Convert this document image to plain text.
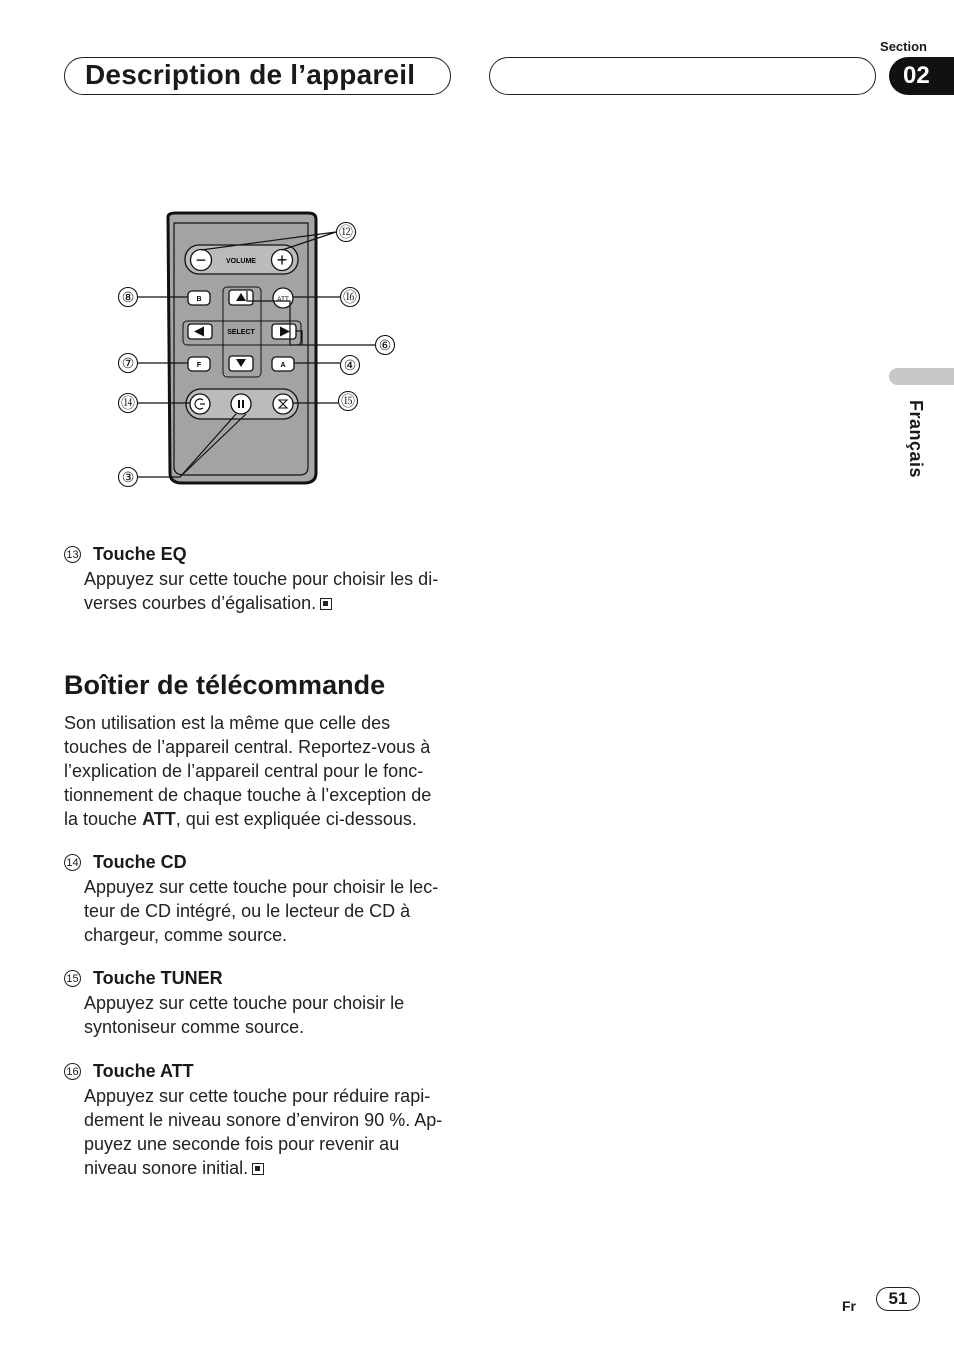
Description de l’appareil
Section
02
Français
−	+
VOLUME
B	ATT
SELECT
F	A
⑫
⑧	⑯
⑥
⑦	④
⑭	⑮
③
13 Touche EQ
Appuyez sur cette touche pour choisir les di-
verses courbes d’égalisation.
Boîtier de télécommande
Son utilisation est la même que celle des
touches de l’appareil central. Reportez-vous à
l’explication de l’appareil central pour le fonc-
tionnement de chaque touche à l’exception de
la touche ATT, qui est expliquée ci-dessous.
14 Touche CD
Appuyez sur cette touche pour choisir le lec-
teur de CD intégré, ou le lecteur de CD à
chargeur, comme source.
15 Touche TUNER
Appuyez sur cette touche pour choisir le
syntoniseur comme source.
16 Touche ATT
Appuyez sur cette touche pour réduire rapi-
dement le niveau sonore d’environ 90 %. Ap-
puyez une seconde fois pour revenir au
niveau sonore initial.
Fr	51
